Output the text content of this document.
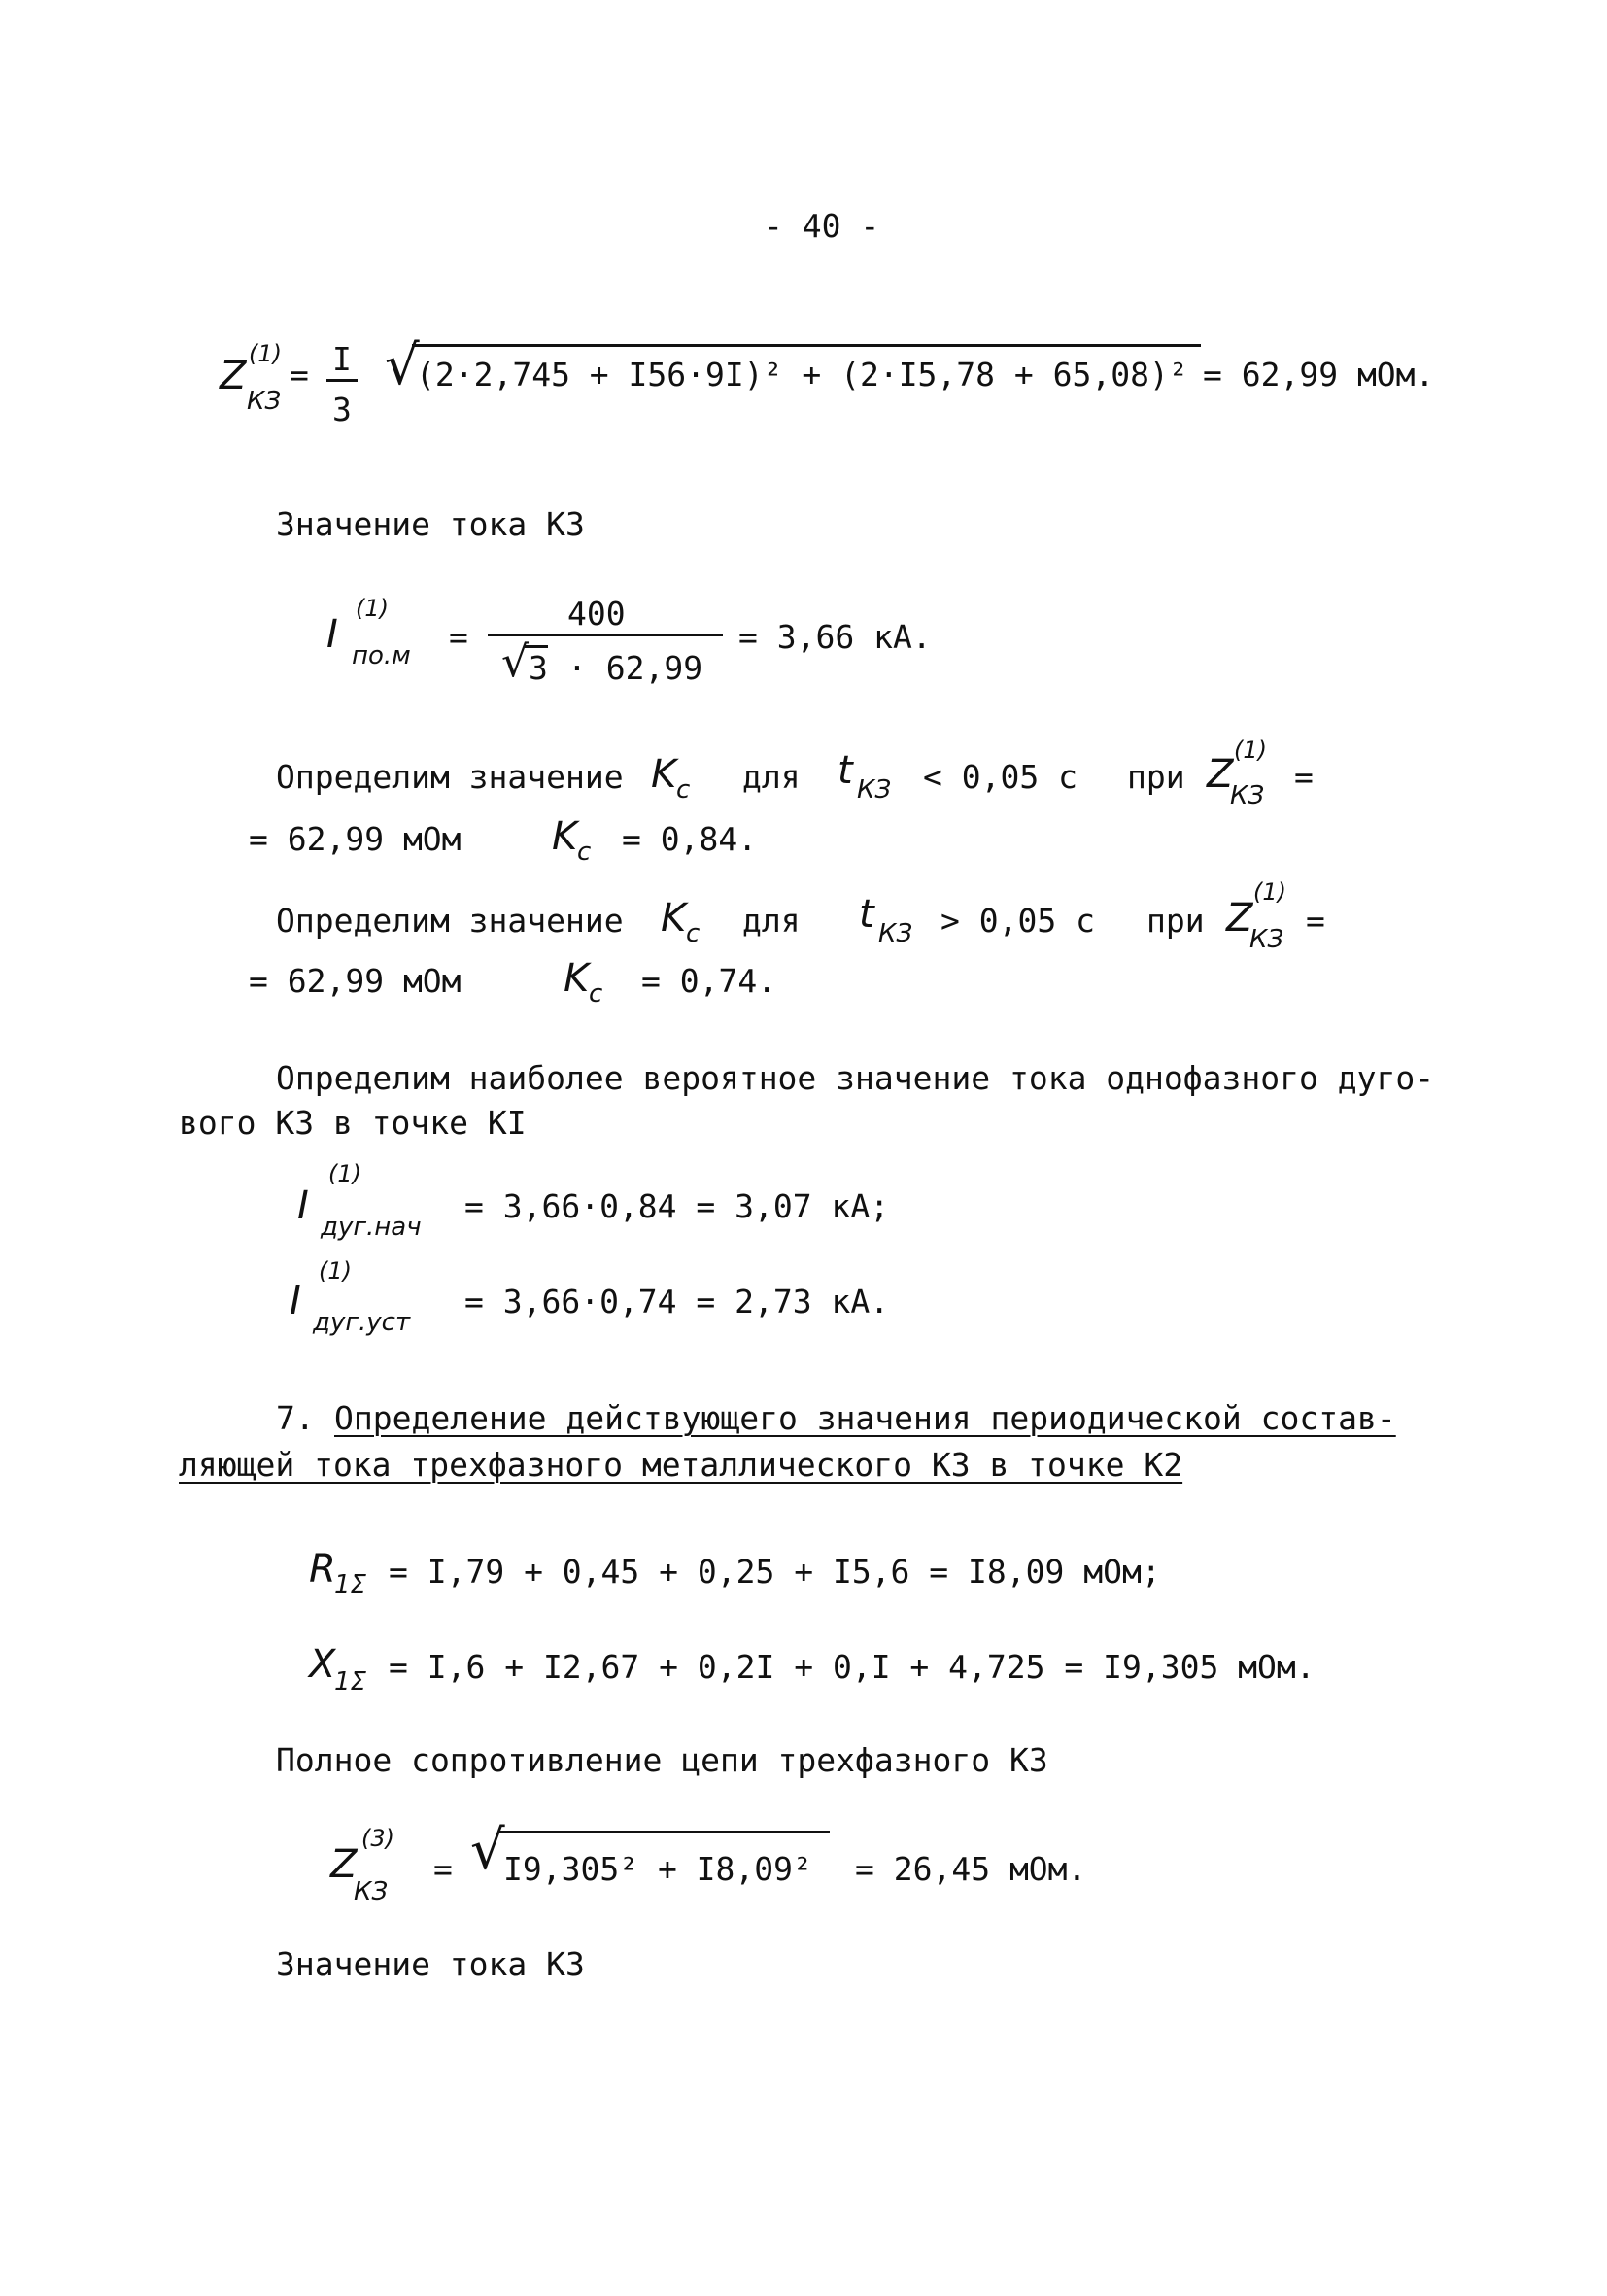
- 40 -
Z (1)
КЗ
= I
3
√
(2·2,745 + I56·9I)² + (2·I5,78 + 65,08)² = 62,99 мОм.
Значение тока КЗ
I
(1)
по.м =
400
√ 3 · 62,99
= 3,66 кА.
Определим значение K c для t КЗ < 0,05 с при Z
(1)
КЗ =
= 62,99 мОм K c = 0,84.
Определим значение K c для t КЗ > 0,05 с при Z
(1)
КЗ =
= 62,99 мОм	K c = 0,74.
Определим наиболее вероятное значение тока однофазного дуго-
вого КЗ в точке КI
I
(1)
дуг.нач
= 3,66·0,84 = 3,07 кА;
I
(1)
дуг.уст
= 3,66·0,74 = 2,73 кА.
7. Определение действующего значения периодической состав-
ляющей тока трехфазного металлического КЗ в точке К2
R
1Σ = I,79 + 0,45 + 0,25 + I5,6 = I8,09 мОм;
X
1Σ = I,6 + I2,67 + 0,2I + 0,I + 4,725 = I9,305 мОм.
Полное сопротивление цепи трехфазного КЗ
Z
(3)
КЗ
= √
I9,305² + I8,09² = 26,45 мОм.
Значение тока КЗ
